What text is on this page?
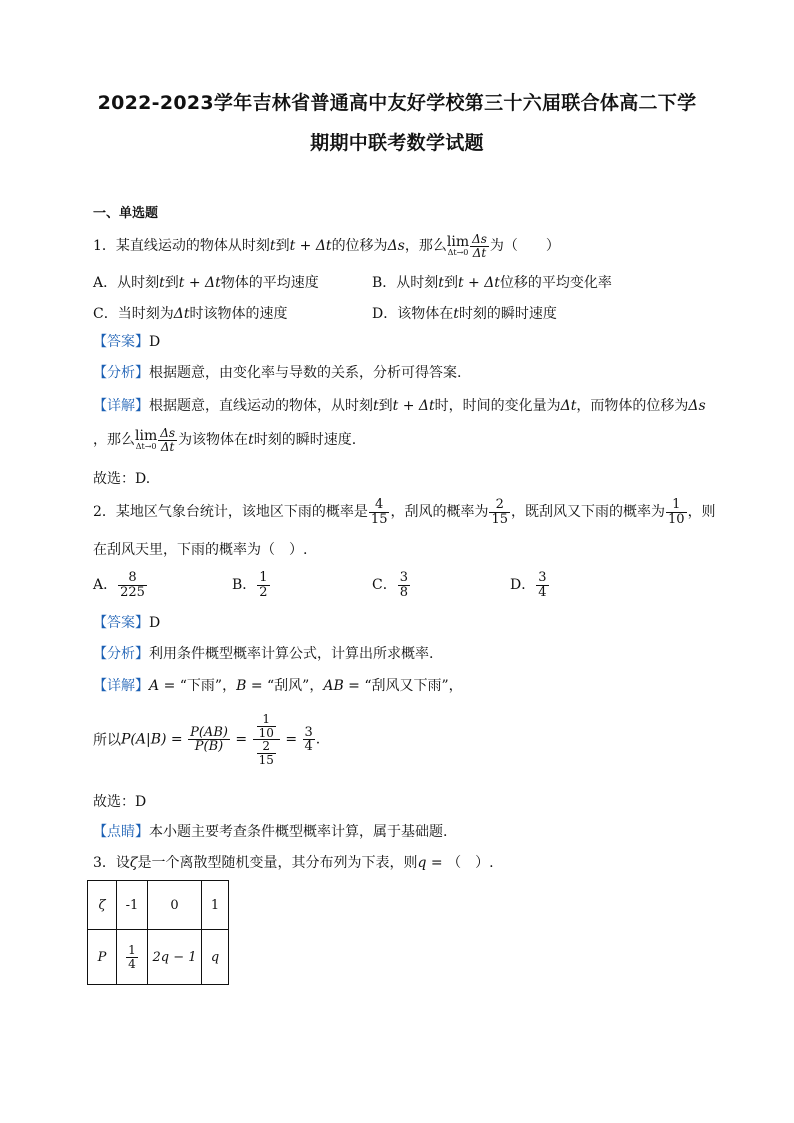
2022-2023学年吉林省普通高中友好学校第三十六届联合体高二下学
期期中联考数学试题
一、单选题
1．某直线运动的物体从时刻t到t + Δt的位移为Δs，那么 lim
$\Delta t\to 0 \frac{\Delta s}{\Delta t}$ 为（　　）
A．从时刻t到t + Δt物体的平均速度	B．从时刻t到t + Δt位移的平均变化率
C．当时刻为Δt时该物体的速度	D．该物体在t时刻的瞬时速度
【答案】D
【分析】根据题意，由变化率与导数的关系，分析可得答案.
【详解】根据题意，直线运动的物体，从时刻t到t + Δt时，时间的变化量为Δt，而物体的位移为Δs
，那么 lim
$\Delta t\to 0 \frac{\Delta s}{\Delta t}$ 为该物体在t时刻的瞬时速度.
故选：D.
2．某地区气象台统计，该地区下雨的概率是 $\frac{4}{15}$ ，刮风的概率为 $\frac{2}{15}$ ，既刮风又下雨的概率为 $\frac{1}{10}$ ，则
在刮风天里，下雨的概率为（　）.
A． $\frac{8}{225}$	B． $\frac{1}{2}$	C． $\frac{3}{8}$	D． $\frac{3}{4}$
【答案】D
【分析】利用条件概型概率计算公式，计算出所求概率.
【详解】A = “下雨”，B = “刮风”，AB = “刮风又下雨”，
所以$P(A|B) = \frac{P(AB)}{P(B)} = \frac{\frac{1}{10}}{\frac{2}{15}} = \frac{3}{4}$ .
故选：D
【点睛】本小题主要考查条件概型概率计算，属于基础题.
3．设ζ是一个离散型随机变量，其分布列为下表，则q = （　）.
ζ	-1	0	1
P	$\frac{1}{4}$	2q − 1	q
